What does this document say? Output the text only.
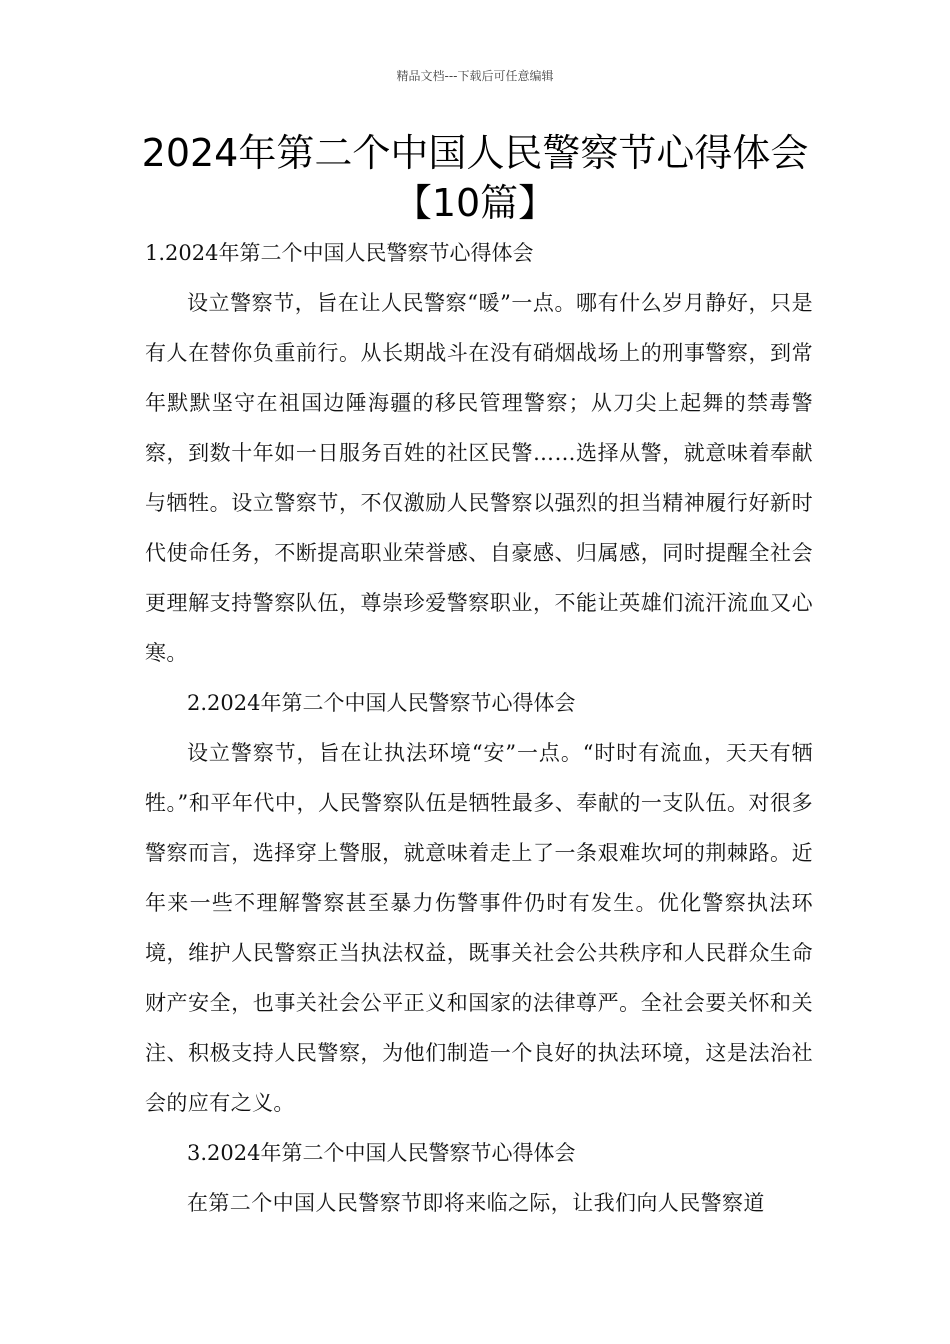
精品文档---下载后可任意编辑
2024年第二个中国人民警察节心得体会
【10篇】

1.2024年第二个中国人民警察节心得体会

设立警察节，旨在让人民警察“暖”一点。哪有什么岁月静好，只是有人在替你负重前行。从长期战斗在没有硝烟战场上的刑事警察，到常年默默坚守在祖国边陲海疆的移民管理警察；从刀尖上起舞的禁毒警察，到数十年如一日服务百姓的社区民警……选择从警，就意味着奉献与牺牲。设立警察节，不仅激励人民警察以强烈的担当精神履行好新时代使命任务，不断提高职业荣誉感、自豪感、归属感，同时提醒全社会更理解支持警察队伍，尊崇珍爱警察职业，不能让英雄们流汗流血又心寒。

2.2024年第二个中国人民警察节心得体会

设立警察节，旨在让执法环境“安”一点。“时时有流血，天天有牺牲。”和平年代中，人民警察队伍是牺牲最多、奉献的一支队伍。对很多警察而言，选择穿上警服，就意味着走上了一条艰难坎坷的荆棘路。近年来一些不理解警察甚至暴力伤警事件仍时有发生。优化警察执法环境，维护人民警察正当执法权益，既事关社会公共秩序和人民群众生命财产安全，也事关社会公平正义和国家的法律尊严。全社会要关怀和关注、积极支持人民警察，为他们制造一个良好的执法环境，这是法治社会的应有之义。

3.2024年第二个中国人民警察节心得体会

在第二个中国人民警察节即将来临之际，让我们向人民警察道
